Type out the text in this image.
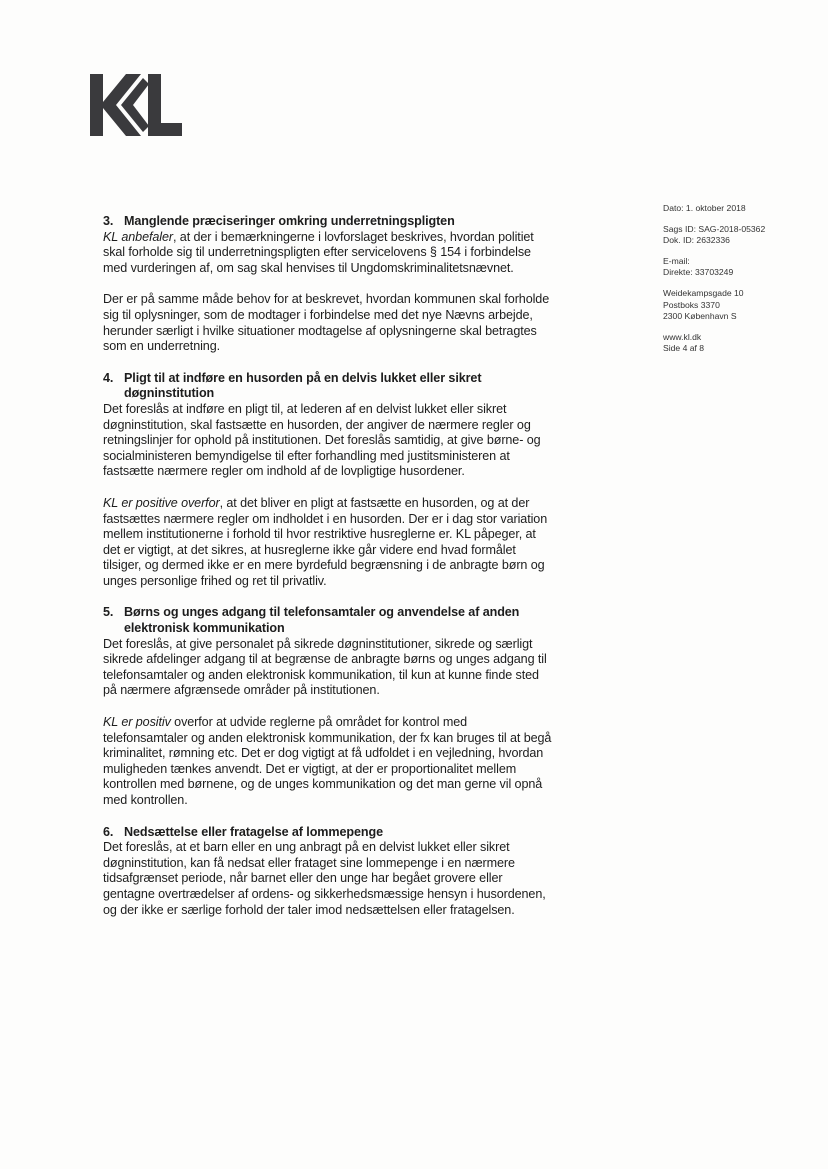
Dato: 1. oktober 2018
Sags ID: SAG-2018-05362
Dok. ID: 2632336
E-mail:
Direkte: 33703249
Weidekampsgade 10
Postboks 3370
2300 København S
www.kl.dk
Side 4 af 8
3. Manglende præciseringer omkring underretningspligten

KL anbefaler, at der i bemærkningerne i lovforslaget beskrives, hvordan politiet skal forholde sig til underretningspligten efter servicelovens § 154 i forbindelse med vurderingen af, om sag skal henvises til Ungdomskriminalitetsnævnet.

Der er på samme måde behov for at beskrevet, hvordan kommunen skal forholde sig til oplysninger, som de modtager i forbindelse med det nye Nævns arbejde, herunder særligt i hvilke situationer modtagelse af oplysningerne skal betragtes som en underretning.

4. Pligt til at indføre en husorden på en delvis lukket eller sikret døgninstitution

Det foreslås at indføre en pligt til, at lederen af en delvist lukket eller sikret døgninstitution, skal fastsætte en husorden, der angiver de nærmere regler og retningslinjer for ophold på institutionen. Det foreslås samtidig, at give børne- og socialministeren bemyndigelse til efter forhandling med justitsministeren at fastsætte nærmere regler om indhold af de lovpligtige husordener.

KL er positive overfor, at det bliver en pligt at fastsætte en husorden, og at der fastsættes nærmere regler om indholdet i en husorden. Der er i dag stor variation mellem institutionerne i forhold til hvor restriktive husreglerne er. KL påpeger, at det er vigtigt, at det sikres, at husreglerne ikke går videre end hvad formålet tilsiger, og dermed ikke er en mere byrdefuld begrænsning i de anbragte børn og unges personlige frihed og ret til privatliv.

5. Børns og unges adgang til telefonsamtaler og anvendelse af anden elektronisk kommunikation

Det foreslås, at give personalet på sikrede døgninstitutioner, sikrede og særligt sikrede afdelinger adgang til at begrænse de anbragte børns og unges adgang til telefonsamtaler og anden elektronisk kommunikation, til kun at kunne finde sted på nærmere afgrænsede områder på institutionen.

KL er positiv overfor at udvide reglerne på området for kontrol med telefonsamtaler og anden elektronisk kommunikation, der fx kan bruges til at begå kriminalitet, rømning etc. Det er dog vigtigt at få udfoldet i en vejledning, hvordan muligheden tænkes anvendt. Det er vigtigt, at der er proportionalitet mellem kontrollen med børnene, og de unges kommunikation og det man gerne vil opnå med kontrollen.

6. Nedsættelse eller fratagelse af lommepenge

Det foreslås, at et barn eller en ung anbragt på en delvist lukket eller sikret døgninstitution, kan få nedsat eller frataget sine lommepenge i en nærmere tidsafgrænset periode, når barnet eller den unge har begået grovere eller gentagne overtrædelser af ordens- og sikkerhedsmæssige hensyn i husordenen, og der ikke er særlige forhold der taler imod nedsættelsen eller fratagelsen.
